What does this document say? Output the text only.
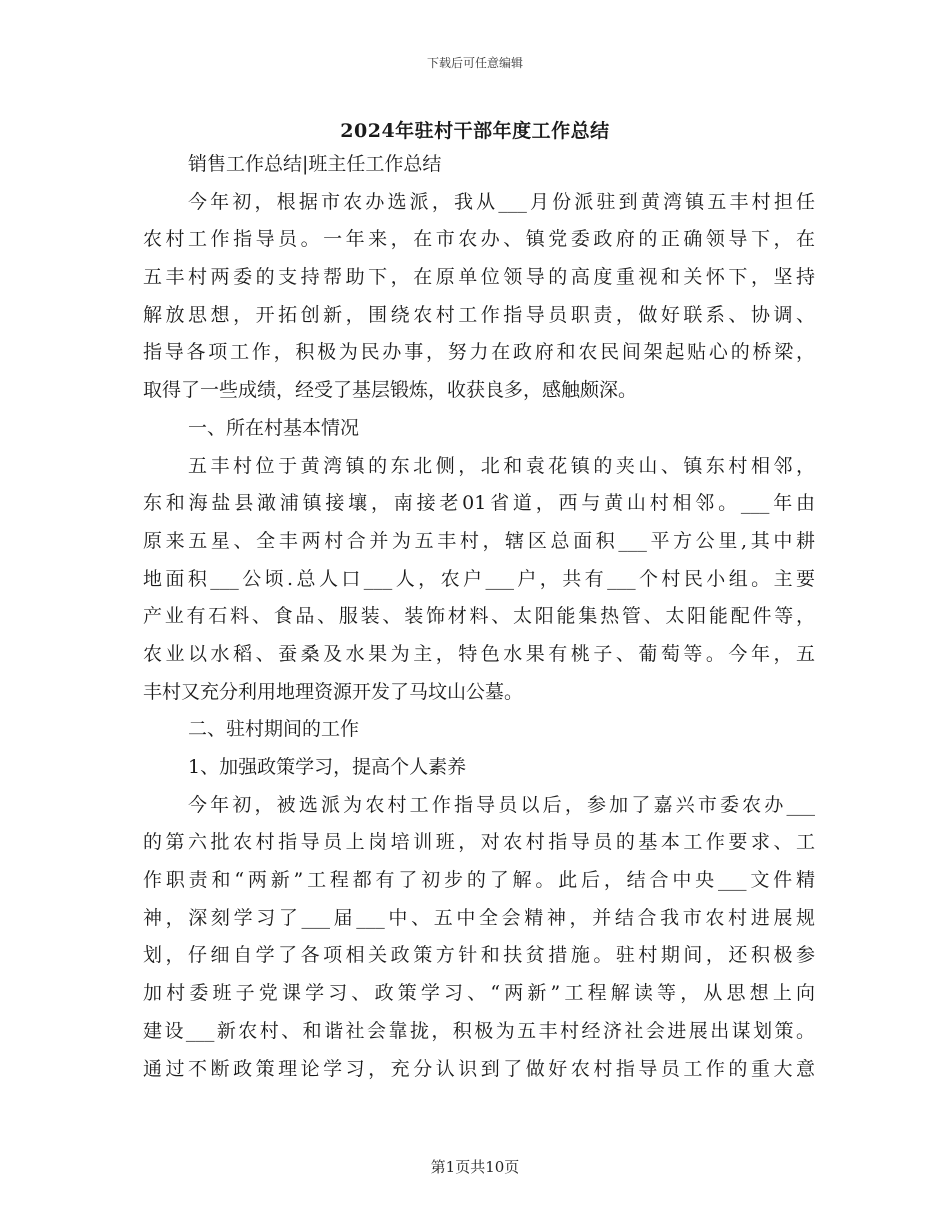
下载后可任意编辑
2024年驻村干部年度工作总结
销售工作总结|班主任工作总结
今年初，根据市农办选派，我从___月份派驻到黄湾镇五丰村担任
农村工作指导员。一年来，在市农办、镇党委政府的正确领导下，在
五丰村两委的支持帮助下，在原单位领导的高度重视和关怀下，坚持
解放思想，开拓创新，围绕农村工作指导员职责，做好联系、协调、
指导各项工作，积极为民办事，努力在政府和农民间架起贴心的桥梁，
取得了一些成绩，经受了基层锻炼，收获良多，感触颇深。
一、所在村基本情况
五丰村位于黄湾镇的东北侧，北和袁花镇的夹山、镇东村相邻，
东和海盐县澉浦镇接壤，南接老01省道，西与黄山村相邻。___年由
原来五星、全丰两村合并为五丰村，辖区总面积___平方公里,其中耕
地面积___公顷.总人口___人，农户___户，共有___个村民小组。主要
产业有石料、食品、服装、装饰材料、太阳能集热管、太阳能配件等，
农业以水稻、蚕桑及水果为主，特色水果有桃子、葡萄等。今年，五
丰村又充分利用地理资源开发了马坟山公墓。
二、驻村期间的工作
1、加强政策学习，提高个人素养
今年初，被选派为农村工作指导员以后，参加了嘉兴市委农办___
的第六批农村指导员上岗培训班，对农村指导员的基本工作要求、工
作职责和“两新”工程都有了初步的了解。此后，结合中央___文件精
神，深刻学习了___届___中、五中全会精神，并结合我市农村进展规
划，仔细自学了各项相关政策方针和扶贫措施。驻村期间，还积极参
加村委班子党课学习、政策学习、“两新”工程解读等，从思想上向
建设___新农村、和谐社会靠拢，积极为五丰村经济社会进展出谋划策。
通过不断政策理论学习，充分认识到了做好农村指导员工作的重大意
第1页共10页
